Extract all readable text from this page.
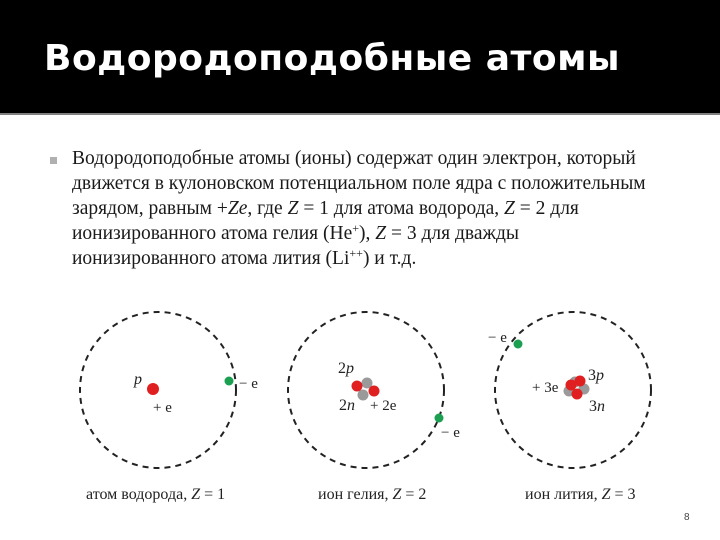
Водородоподобные атомы
Водородоподобные атомы (ионы) содержат один электрон, который
движется в кулоновском потенциальном поле ядра с положительным
зарядом, равным +Ze, где Z = 1 для атома водорода, Z = 2 для
ионизированного атома гелия (He+), Z = 3 для дважды
ионизированного атома лития (Li++) и т.д.
p
+ e
− e
атом водорода, Z = 1
2p
2n + 2e
− e
ион гелия, Z = 2
3p
3n
+ 3e
− e
ион лития, Z = 3
8
